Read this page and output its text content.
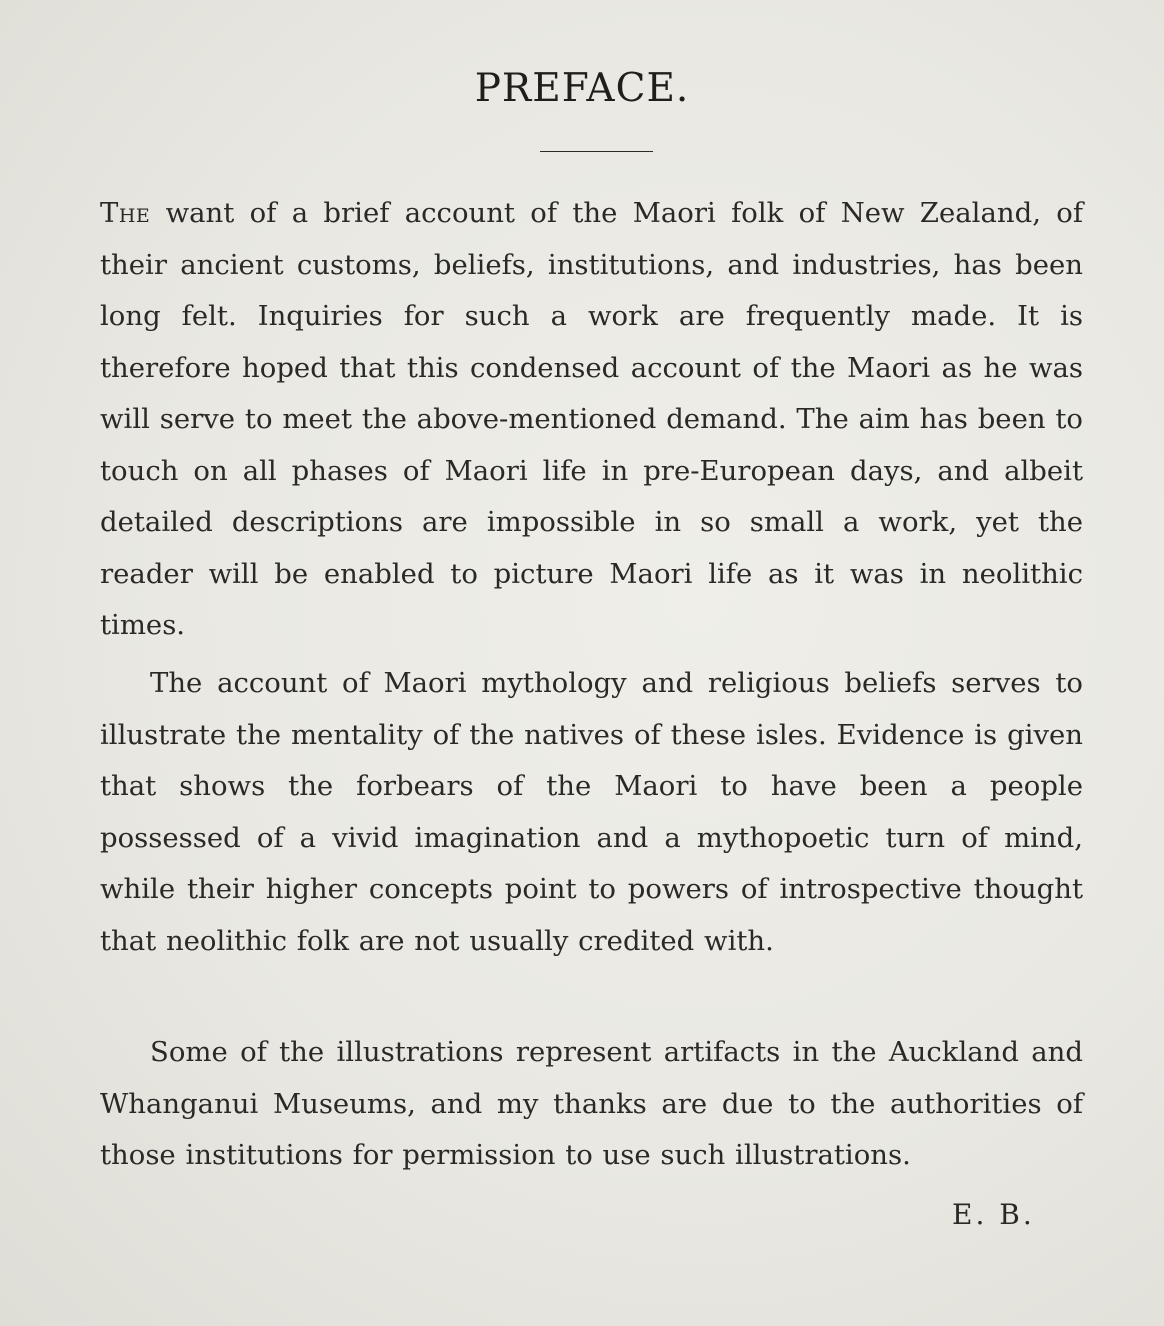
PREFACE.

The want of a brief account of the Maori folk of New Zealand, of their ancient customs, beliefs, institutions, and industries, has been long felt. Inquiries for such a work are frequently made. It is therefore hoped that this condensed account of the Maori as he was will serve to meet the above-mentioned demand. The aim has been to touch on all phases of Maori life in pre-European days, and albeit detailed descriptions are impossible in so small a work, yet the reader will be enabled to picture Maori life as it was in neolithic times.

The account of Maori mythology and religious beliefs serves to illustrate the mentality of the natives of these isles. Evidence is given that shows the forbears of the Maori to have been a people possessed of a vivid imagination and a mythopoetic turn of mind, while their higher concepts point to powers of introspective thought that neolithic folk are not usually credited with.

Some of the illustrations represent artifacts in the Auckland and Whanganui Museums, and my thanks are due to the authorities of those institutions for permission to use such illustrations.

E. B.
